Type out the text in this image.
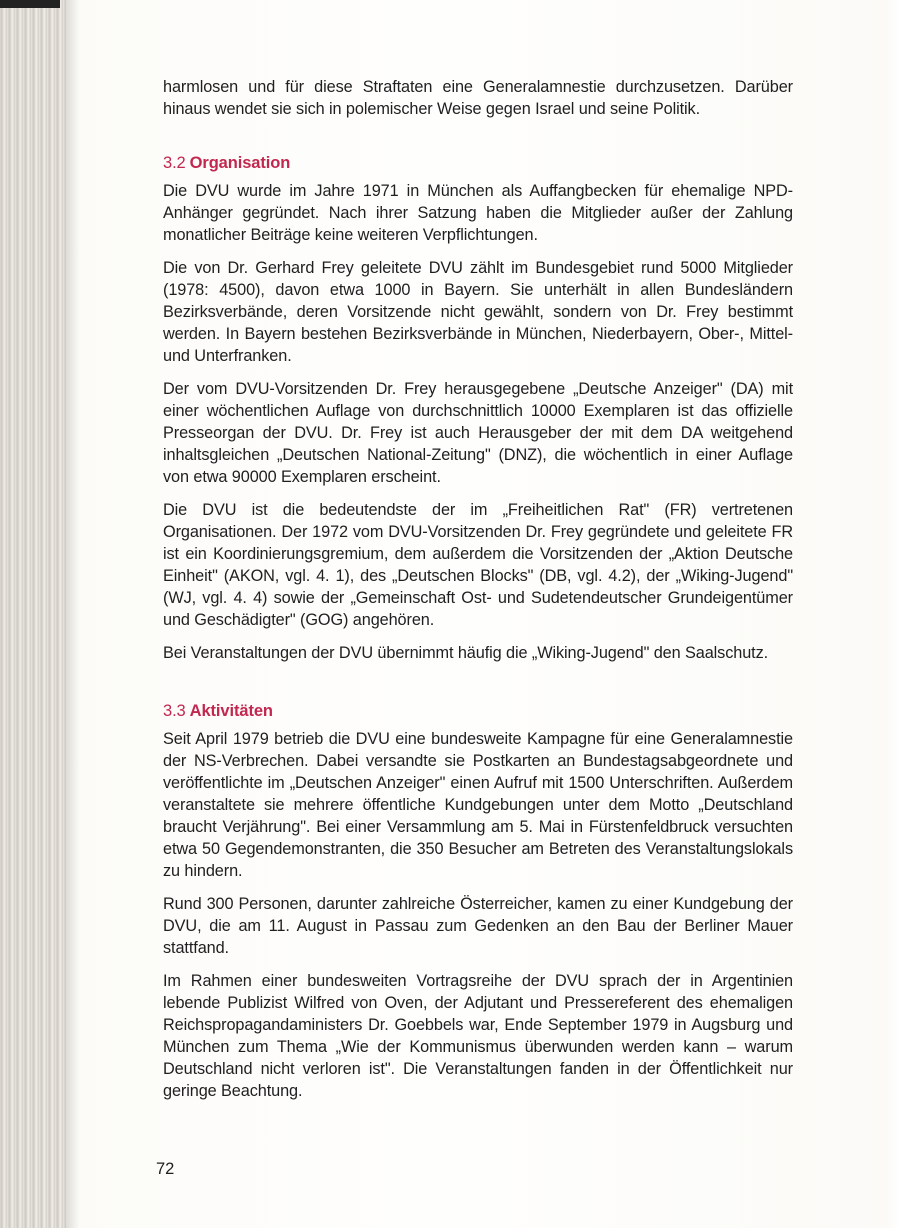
harmlosen und für diese Straftaten eine Generalamnestie durchzusetzen. Darüber hinaus wendet sie sich in polemischer Weise gegen Israel und seine Politik.

3.2 Organisation

Die DVU wurde im Jahre 1971 in München als Auffangbecken für ehemalige NPD-Anhänger gegründet. Nach ihrer Satzung haben die Mitglieder außer der Zahlung monatlicher Beiträge keine weiteren Verpflichtungen.

Die von Dr. Gerhard Frey geleitete DVU zählt im Bundesgebiet rund 5000 Mitglieder (1978: 4500), davon etwa 1000 in Bayern. Sie unterhält in allen Bundesländern Bezirksverbände, deren Vorsitzende nicht gewählt, sondern von Dr. Frey bestimmt werden. In Bayern bestehen Bezirksverbände in München, Niederbayern, Ober-, Mittel- und Unterfranken.

Der vom DVU-Vorsitzenden Dr. Frey herausgegebene „Deutsche Anzeiger" (DA) mit einer wöchentlichen Auflage von durchschnittlich 10000 Exemplaren ist das offizielle Presseorgan der DVU. Dr. Frey ist auch Herausgeber der mit dem DA weitgehend inhaltsgleichen „Deutschen National-Zeitung" (DNZ), die wöchentlich in einer Auflage von etwa 90000 Exemplaren erscheint.

Die DVU ist die bedeutendste der im „Freiheitlichen Rat" (FR) vertretenen Organisationen. Der 1972 vom DVU-Vorsitzenden Dr. Frey gegründete und geleitete FR ist ein Koordinierungsgremium, dem außerdem die Vorsitzenden der „Aktion Deutsche Einheit" (AKON, vgl. 4. 1), des „Deutschen Blocks" (DB, vgl. 4.2), der „Wiking-Jugend" (WJ, vgl. 4. 4) sowie der „Gemeinschaft Ost- und Sudetendeutscher Grundeigentümer und Geschädigter" (GOG) angehören.

Bei Veranstaltungen der DVU übernimmt häufig die „Wiking-Jugend" den Saalschutz.

3.3 Aktivitäten

Seit April 1979 betrieb die DVU eine bundesweite Kampagne für eine Generalamnestie der NS-Verbrechen. Dabei versandte sie Postkarten an Bundestagsabgeordnete und veröffentlichte im „Deutschen Anzeiger" einen Aufruf mit 1500 Unterschriften. Außerdem veranstaltete sie mehrere öffentliche Kundgebungen unter dem Motto „Deutschland braucht Verjährung". Bei einer Versammlung am 5. Mai in Fürstenfeldbruck versuchten etwa 50 Gegendemonstranten, die 350 Besucher am Betreten des Veranstaltungslokals zu hindern.

Rund 300 Personen, darunter zahlreiche Österreicher, kamen zu einer Kundgebung der DVU, die am 11. August in Passau zum Gedenken an den Bau der Berliner Mauer stattfand.

Im Rahmen einer bundesweiten Vortragsreihe der DVU sprach der in Argentinien lebende Publizist Wilfred von Oven, der Adjutant und Pressereferent des ehemaligen Reichspropagandaministers Dr. Goebbels war, Ende September 1979 in Augsburg und München zum Thema „Wie der Kommunismus überwunden werden kann – warum Deutschland nicht verloren ist". Die Veranstaltungen fanden in der Öffentlichkeit nur geringe Beachtung.

72
